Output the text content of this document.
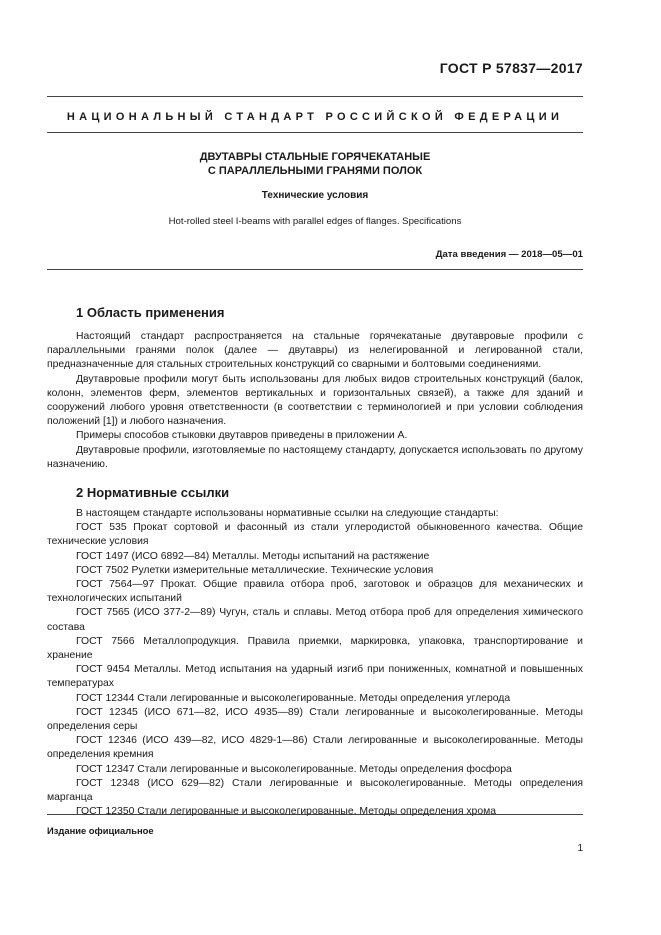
ГОСТ Р 57837—2017
НАЦИОНАЛЬНЫЙ СТАНДАРТ РОССИЙСКОЙ ФЕДЕРАЦИИ
ДВУТАВРЫ СТАЛЬНЫЕ ГОРЯЧЕКАТАНЫЕ
С ПАРАЛЛЕЛЬНЫМИ ГРАНЯМИ ПОЛОК
Технические условия
Hot-rolled steel I-beams with parallel edges of flanges. Specifications
Дата введения — 2018—05—01
1 Область применения

Настоящий стандарт распространяется на стальные горячекатаные двутавровые профили с параллельными гранями полок (далее — двутавры) из нелегированной и легированной стали, предназначенные для стальных строительных конструкций со сварными и болтовыми соединениями.

Двутавровые профили могут быть использованы для любых видов строительных конструкций (балок, колонн, элементов ферм, элементов вертикальных и горизонтальных связей), а также для зданий и сооружений любого уровня ответственности (в соответствии с терминологией и при условии соблюдения положений [1]) и любого назначения.

Примеры способов стыковки двутавров приведены в приложении А.

Двутавровые профили, изготовляемые по настоящему стандарту, допускается использовать по другому назначению.

2 Нормативные ссылки

В настоящем стандарте использованы нормативные ссылки на следующие стандарты:

ГОСТ 535 Прокат сортовой и фасонный из стали углеродистой обыкновенного качества. Общие технические условия

ГОСТ 1497 (ИСО 6892—84) Металлы. Методы испытаний на растяжение

ГОСТ 7502 Рулетки измерительные металлические. Технические условия

ГОСТ 7564—97 Прокат. Общие правила отбора проб, заготовок и образцов для механических и технологических испытаний

ГОСТ 7565 (ИСО 377-2—89) Чугун, сталь и сплавы. Метод отбора проб для определения химического состава

ГОСТ 7566 Металлопродукция. Правила приемки, маркировка, упаковка, транспортирование и хранение

ГОСТ 9454 Металлы. Метод испытания на ударный изгиб при пониженных, комнатной и повышенных температурах

ГОСТ 12344 Стали легированные и высоколегированные. Методы определения углерода

ГОСТ 12345 (ИСО 671—82, ИСО 4935—89) Стали легированные и высоколегированные. Методы определения серы

ГОСТ 12346 (ИСО 439—82, ИСО 4829-1—86) Стали легированные и высоколегированные. Методы определения кремния

ГОСТ 12347 Стали легированные и высоколегированные. Методы определения фосфора

ГОСТ 12348 (ИСО 629—82) Стали легированные и высоколегированные. Методы определения марганца

ГОСТ 12350 Стали легированные и высоколегированные. Методы определения хрома

Издание официальное
1
